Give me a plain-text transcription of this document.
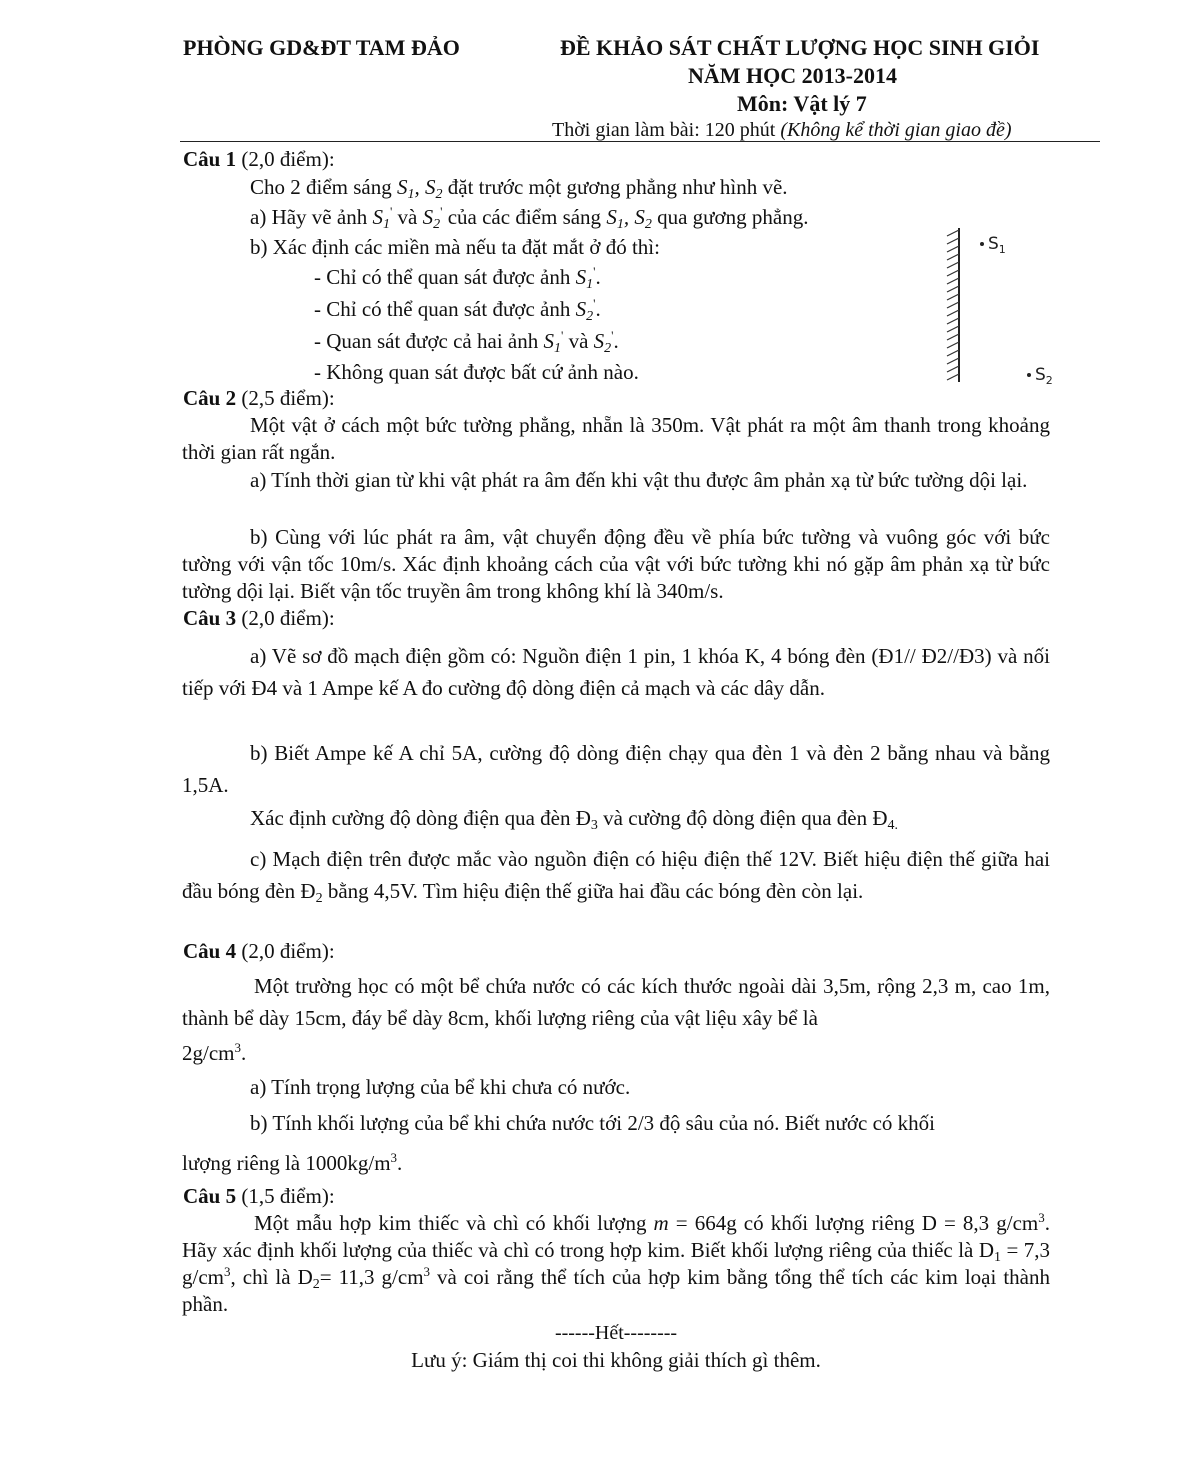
PHÒNG GD&ĐT TAM ĐẢO	ĐỀ KHẢO SÁT CHẤT LƯỢNG HỌC SINH GIỎI
NĂM HỌC 2013-2014
Môn: Vật lý 7
Thời gian làm bài: 120 phút (Không kể thời gian giao đề)
Câu 1 (2,0 điểm):
Cho 2 điểm sáng $S_1$, $S_2$ đặt trước một gương phẳng như hình vẽ.
a) Hãy vẽ ảnh $S_1'$ và $S_2'$ của các điểm sáng $S_1$, $S_2$ qua gương phẳng.
b) Xác định các miền mà nếu ta đặt mắt ở đó thì:
- Chỉ có thể quan sát được ảnh $S_1'$.
- Chỉ có thể quan sát được ảnh $S_2'$.
- Quan sát được cả hai ảnh $S_1'$ và $S_2'$.
- Không quan sát được bất cứ ảnh nào.
$S_1$
$S_2$
Câu 2 (2,5 điểm):
Một vật ở cách một bức tường phẳng, nhẵn là 350m. Vật phát ra một âm thanh trong khoảng thời gian rất ngắn.
a) Tính thời gian từ khi vật phát ra âm đến khi vật thu được âm phản xạ từ bức tường dội lại.
b) Cùng với lúc phát ra âm, vật chuyển động đều về phía bức tường và vuông góc với bức tường với vận tốc 10m/s. Xác định khoảng cách của vật với bức tường khi nó gặp âm phản xạ từ bức tường dội lại. Biết vận tốc truyền âm trong không khí là 340m/s.
Câu 3 (2,0 điểm):
a) Vẽ sơ đồ mạch điện gồm có: Nguồn điện 1 pin, 1 khóa K, 4 bóng đèn (Đ1// Đ2//Đ3) và nối tiếp với Đ4 và 1 Ampe kế A đo cường độ dòng điện cả mạch và các dây dẫn.
b) Biết Ampe kế A chỉ 5A, cường độ dòng điện chạy qua đèn 1 và đèn 2 bằng nhau và bằng 1,5A.
Xác định cường độ dòng điện qua đèn $Đ_3$ và cường độ dòng điện qua đèn $Đ_{4.}$
c) Mạch điện trên được mắc vào nguồn điện có hiệu điện thế 12V. Biết hiệu điện thế giữa hai đầu bóng đèn $Đ_2$ bằng 4,5V. Tìm hiệu điện thế giữa hai đầu các bóng đèn còn lại.
Câu 4 (2,0 điểm):
Một trường học có một bể chứa nước có các kích thước ngoài dài 3,5m, rộng 2,3 m, cao 1m, thành bể dày 15cm, đáy bể dày 8cm, khối lượng riêng của vật liệu xây bể là
$2g/cm^3$.
a) Tính trọng lượng của bể khi chưa có nước.
b) Tính khối lượng của bể khi chứa nước tới 2/3 độ sâu của nó. Biết nước có khối
lượng riêng là $1000kg/m^3$.
Câu 5 (1,5 điểm):
Một mẫu hợp kim thiếc và chì có khối lượng m = 664g có khối lượng riêng D = 8,3 $g/cm^3$. Hãy xác định khối lượng của thiếc và chì có trong hợp kim. Biết khối lượng riêng của thiếc là $D_1 = 7,3$ $g/cm^3$, chì là $D_2= 11,3$ $g/cm^3$ và coi rằng thể tích của hợp kim bằng tổng thể tích các kim loại thành phần.
------Hết--------
Lưu ý: Giám thị coi thi không giải thích gì thêm.
